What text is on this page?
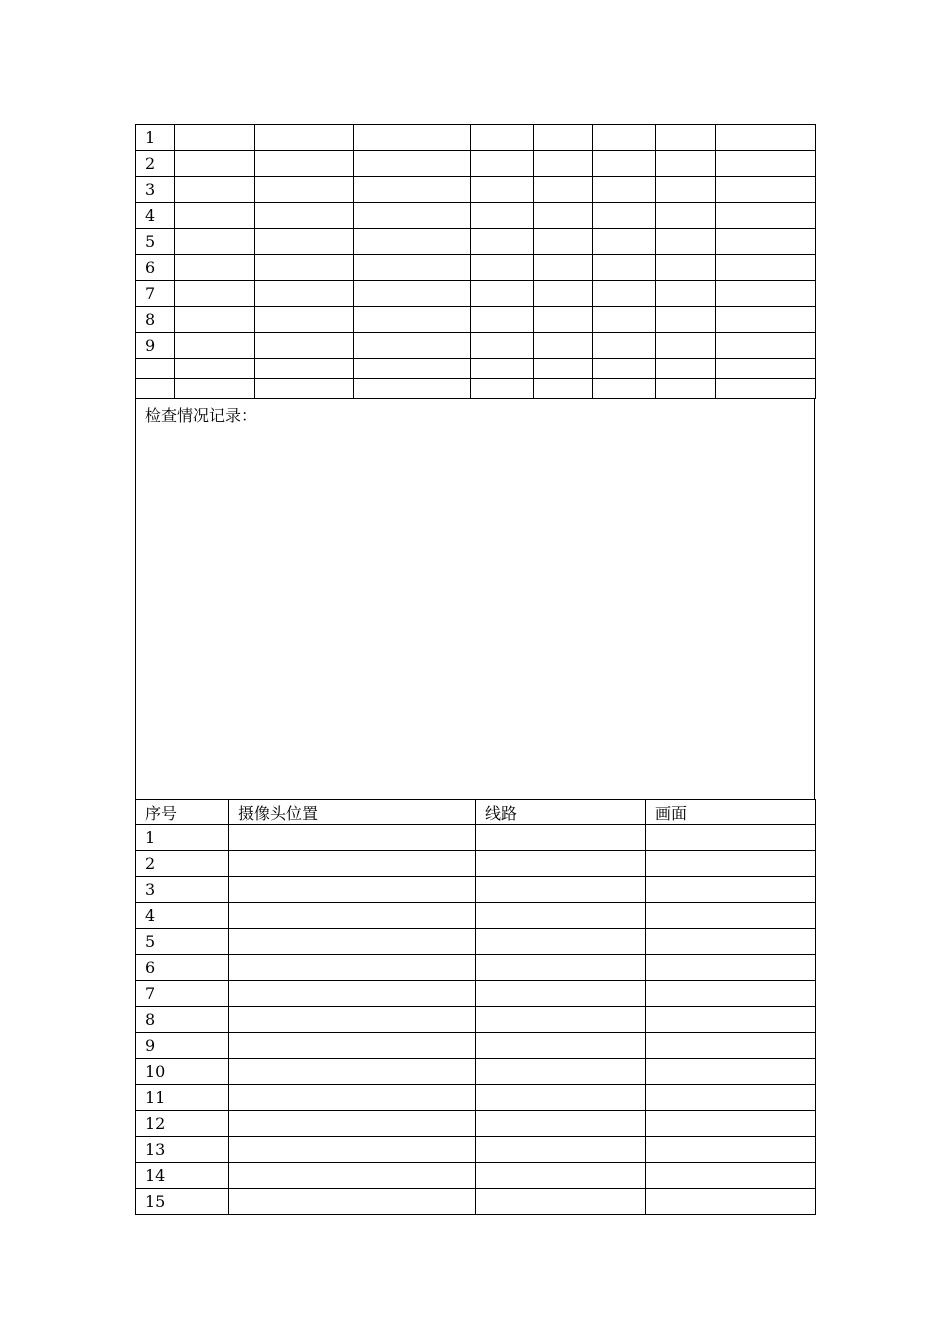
1								
2								
3								
4								
5								
6								
7								
8								
9								

检查情况记录：
序号	摄像头位置	线路	画面
1			
2			
3			
4			
5			
6			
7			
8			
9			
10			
11			
12			
13			
14			
15			
